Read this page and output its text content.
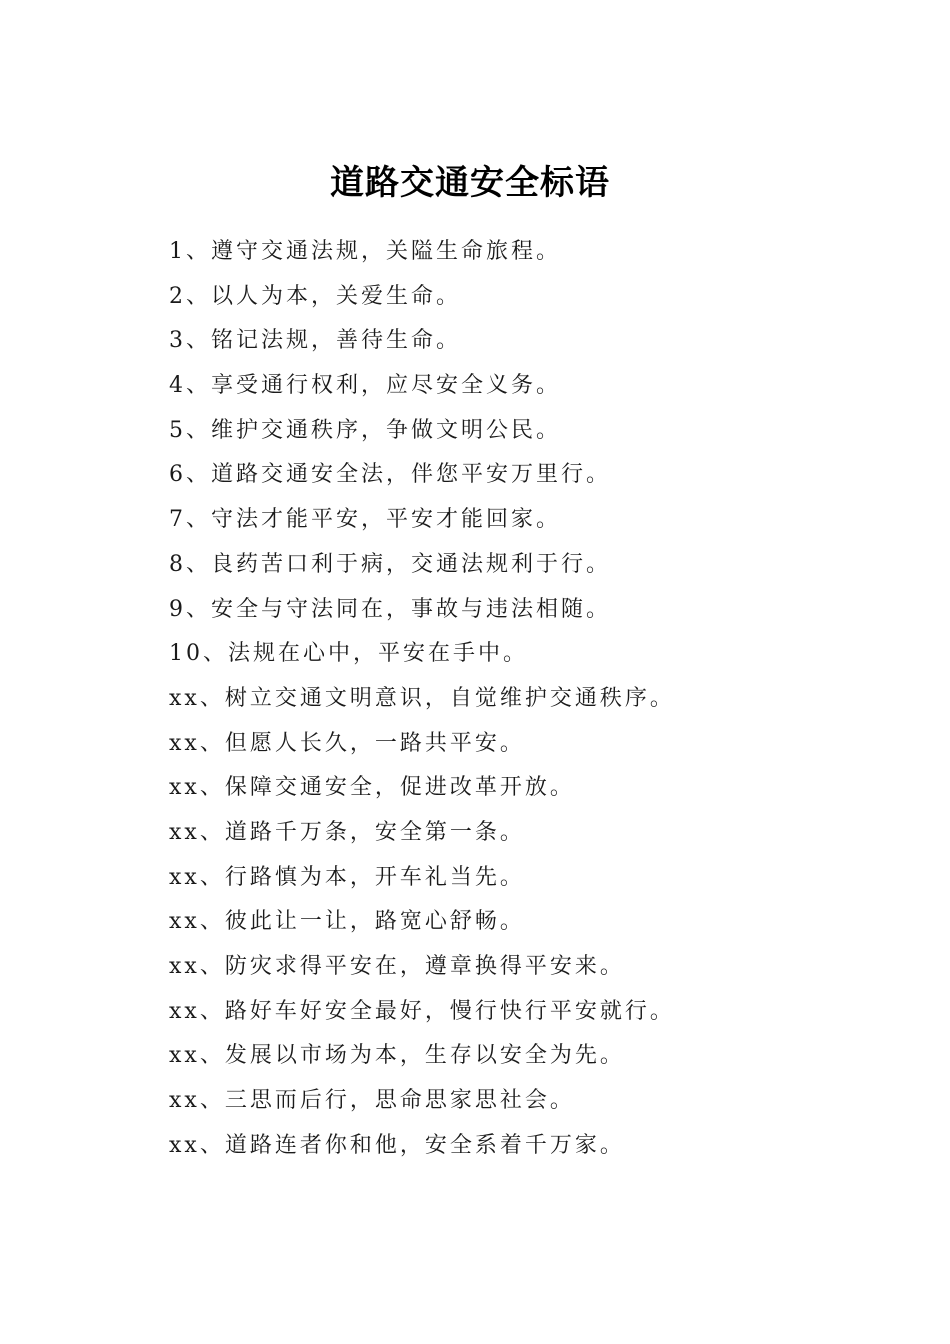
道路交通安全标语
1、遵守交通法规，关隘生命旅程。
2、以人为本，关爱生命。
3、铭记法规，善待生命。
4、享受通行权利，应尽安全义务。
5、维护交通秩序，争做文明公民。
6、道路交通安全法，伴您平安万里行。
7、守法才能平安，平安才能回家。
8、良药苦口利于病，交通法规利于行。
9、安全与守法同在，事故与违法相随。
10、法规在心中，平安在手中。
xx、树立交通文明意识，自觉维护交通秩序。
xx、但愿人长久，一路共平安。
xx、保障交通安全，促进改革开放。
xx、道路千万条，安全第一条。
xx、行路慎为本，开车礼当先。
xx、彼此让一让，路宽心舒畅。
xx、防灾求得平安在，遵章换得平安来。
xx、路好车好安全最好，慢行快行平安就行。
xx、发展以市场为本，生存以安全为先。
xx、三思而后行，思命思家思社会。
xx、道路连者你和他，安全系着千万家。
